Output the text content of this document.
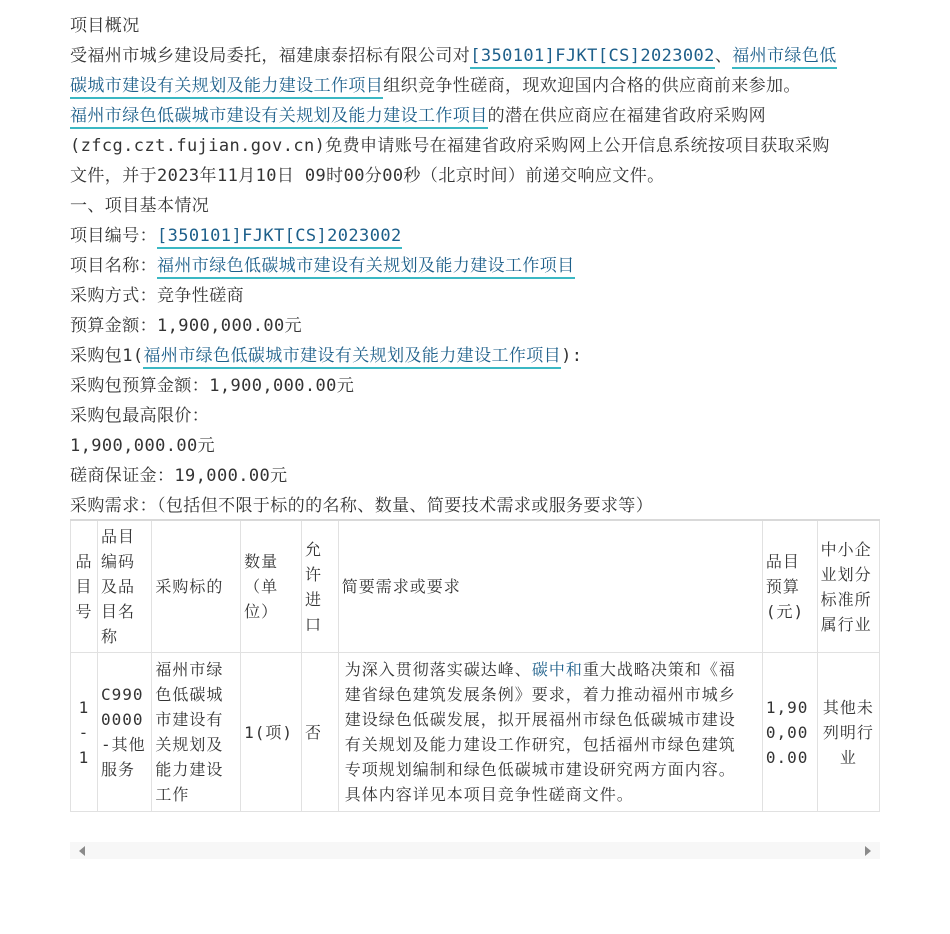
项目概况
受福州市城乡建设局委托，福建康泰招标有限公司对[350101]FJKT[CS]2023002、福州市绿色低
碳城市建设有关规划及能力建设工作项目组织竞争性磋商，现欢迎国内合格的供应商前来参加。
福州市绿色低碳城市建设有关规划及能力建设工作项目的潜在供应商应在福建省政府采购网
(zfcg.czt.fujian.gov.cn)免费申请账号在福建省政府采购网上公开信息系统按项目获取采购
文件，并于2023年11月10日 09时00分00秒（北京时间）前递交响应文件。
一、项目基本情况
项目编号：[350101]FJKT[CS]2023002
项目名称：福州市绿色低碳城市建设有关规划及能力建设工作项目
采购方式：竞争性磋商
预算金额：1,900,000.00元
采购包1(福州市绿色低碳城市建设有关规划及能力建设工作项目):
采购包预算金额：1,900,000.00元
采购包最高限价：
1,900,000.00元
磋商保证金：19,000.00元
采购需求：（包括但不限于标的的名称、数量、简要技术需求或服务要求等）
品目号	品目编码及品目名称	采购标的	数量（单位）	允许进口	简要需求或要求	品目预算(元)	中小企业划分标准所属行业
1-1	C9900000-其他服务	福州市绿色低碳城市建设有关规划及能力建设工作	1(项)	否	为深入贯彻落实碳达峰、碳中和重大战略决策和《福建省绿色建筑发展条例》要求，着力推动福州市城乡建设绿色低碳发展，拟开展福州市绿色低碳城市建设有关规划及能力建设工作研究，包括福州市绿色建筑专项规划编制和绿色低碳城市建设研究两方面内容。具体内容详见本项目竞争性磋商文件。	1,900,000.00	其他未列明行业
